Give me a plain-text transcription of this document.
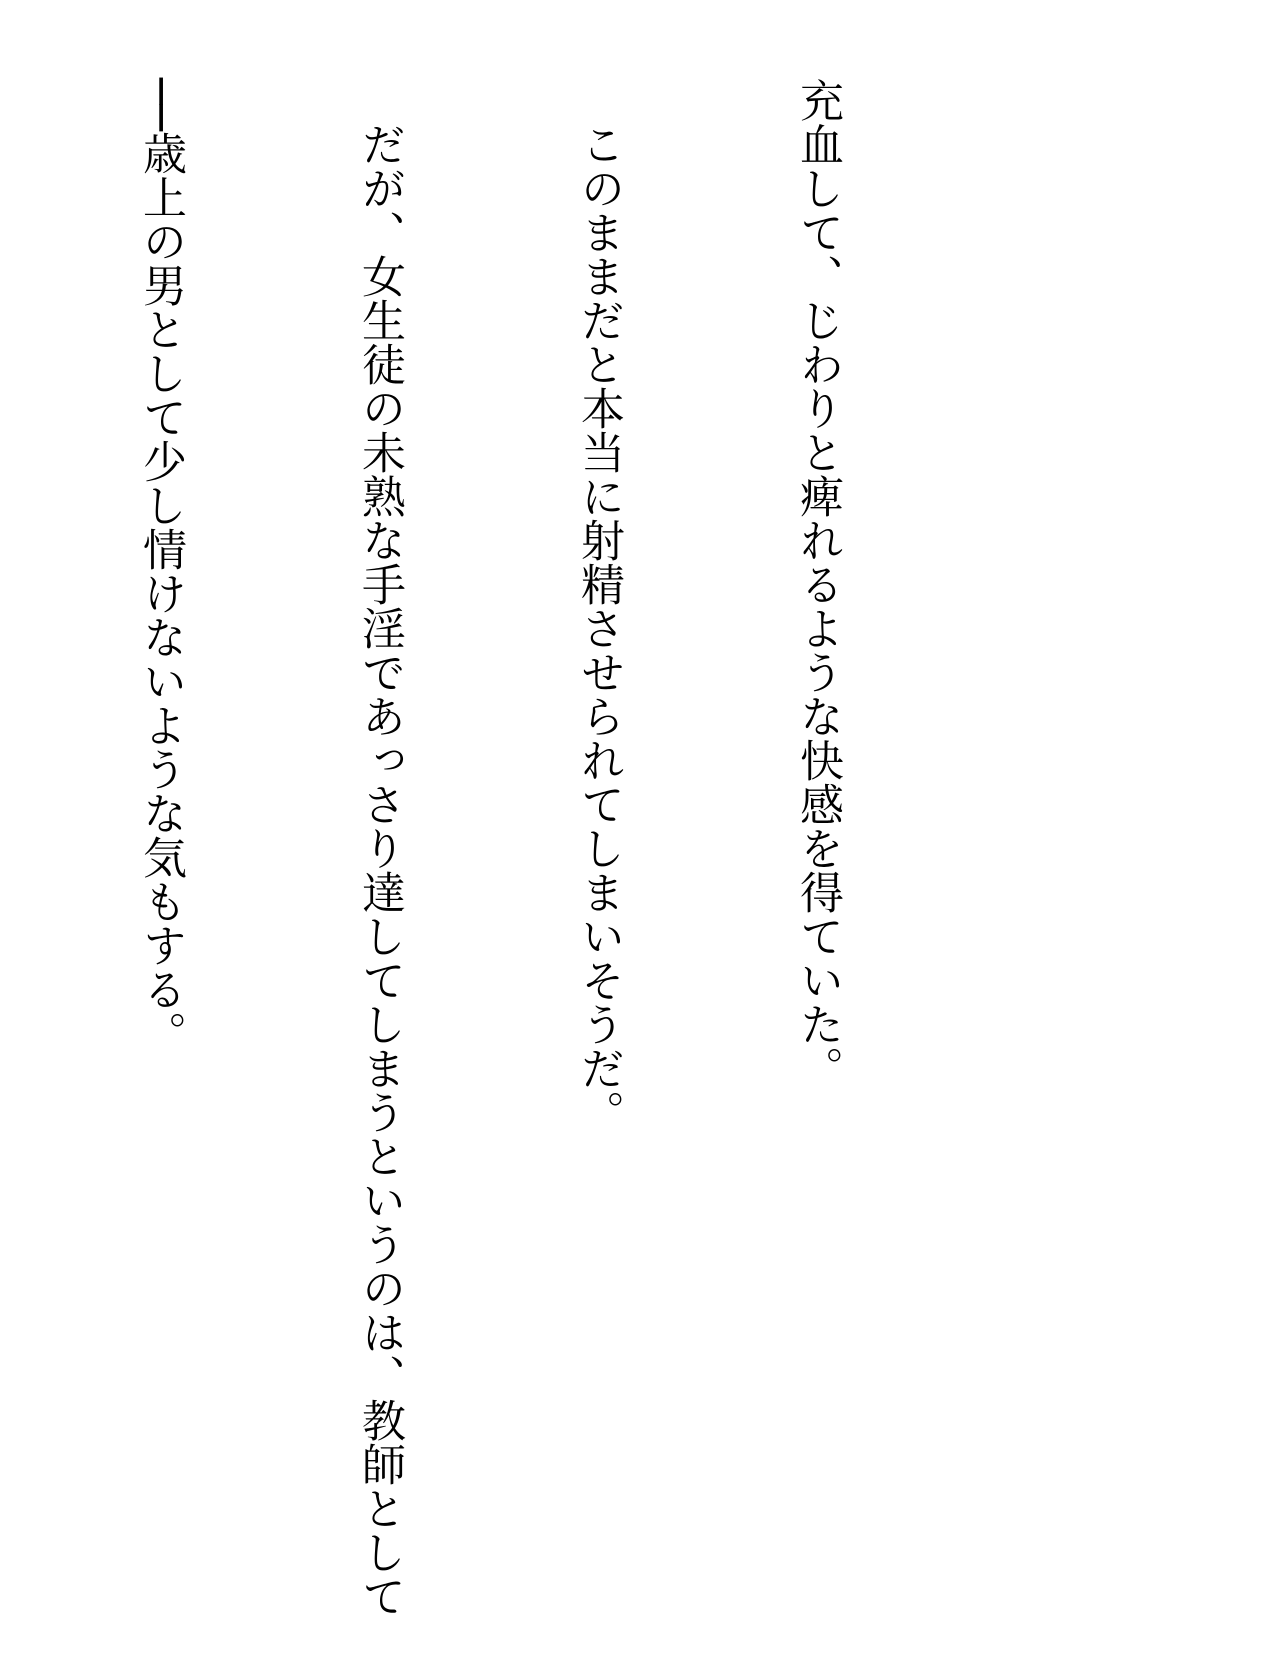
充血して、じわりと痺れるような快感を得ていた。

　このままだと本当に射精させられてしまいそうだ。

　だが、女生徒の未熟な手淫であっさり達してしまうというのは、教師として

──歳上の男として少し情けないような気もする。
